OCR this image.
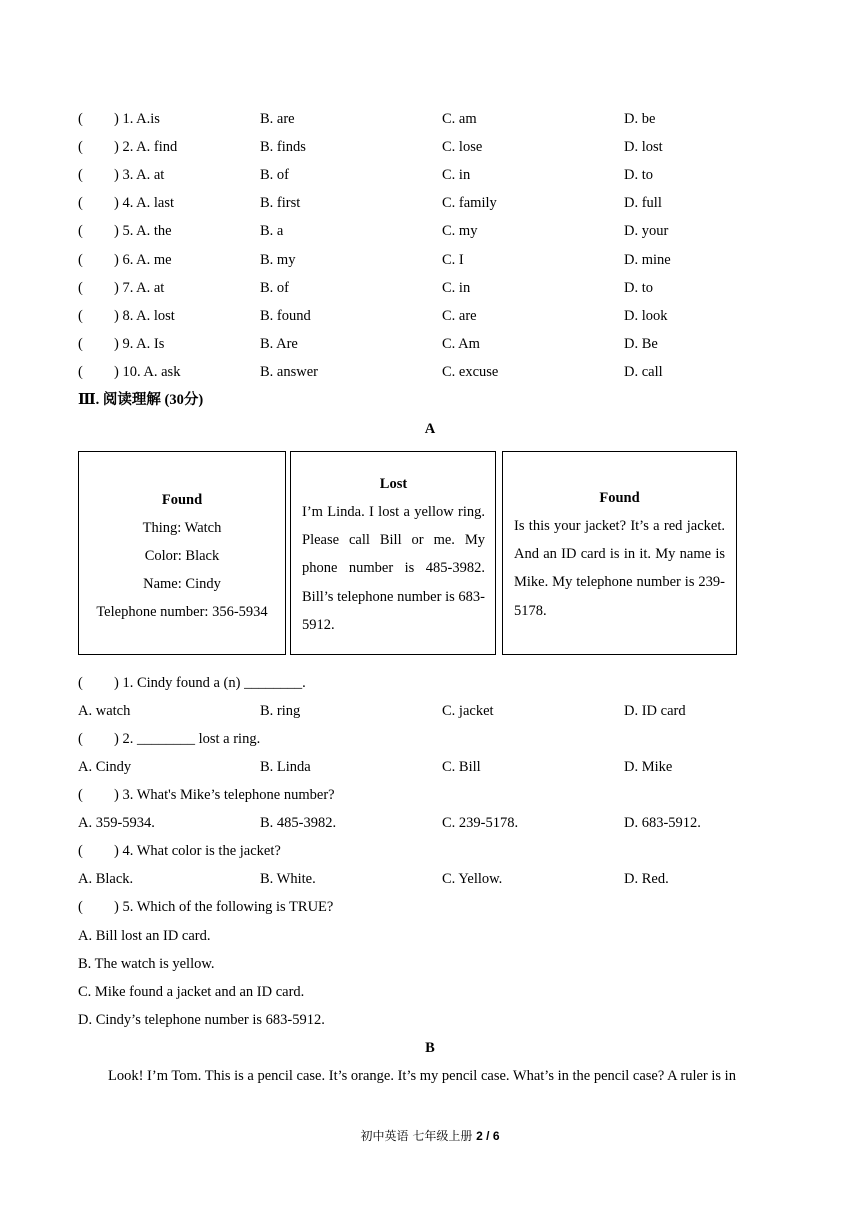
( ) 1. A.is	B. are	C. am	D. be
( ) 2. A. find	B. finds	C. lose	D. lost
( ) 3. A. at	B. of	C. in	D. to
( ) 4. A. last	B. first	C. family	D. full
( ) 5. A. the	B. a	C. my	D. your
( ) 6. A. me	B. my	C. I	D. mine
( ) 7. A. at	B. of	C. in	D. to
( ) 8. A. lost	B. found	C. are	D. look
( ) 9. A. Is	B. Are	C. Am	D. Be
( ) 10. A. ask	B. answer	C. excuse	D. call
Ⅲ. 阅读理解 (30分)
A
Found
Thing: Watch
Color: Black
Name: Cindy
Telephone number: 356-5934
Lost
I’m Linda. I lost a yellow ring. Please call Bill or me. My phone number is 485-3982. Bill’s telephone number is 683-5912.
Found
Is this your jacket? It’s a red jacket. And an ID card is in it. My name is Mike. My telephone number is 239-5178.
( ) 1. Cindy found a (n) ________.
A. watch	B. ring	C. jacket	D. ID card
( ) 2. ________ lost a ring.
A. Cindy	B. Linda	C. Bill	D. Mike
( ) 3. What's Mike’s telephone number?
A. 359-5934.	B. 485-3982.	C. 239-5178.	D. 683-5912.
( ) 4. What color is the jacket?
A. Black.	B. White.	C. Yellow.	D. Red.
( ) 5. Which of the following is TRUE?
A. Bill lost an ID card.
B. The watch is yellow.
C. Mike found a jacket and an ID card.
D. Cindy’s telephone number is 683-5912.
B
Look! I’m Tom. This is a pencil case. It’s orange. It’s my pencil case. What’s in the pencil case? A ruler is in
初中英语 七年级上册 2 / 6
